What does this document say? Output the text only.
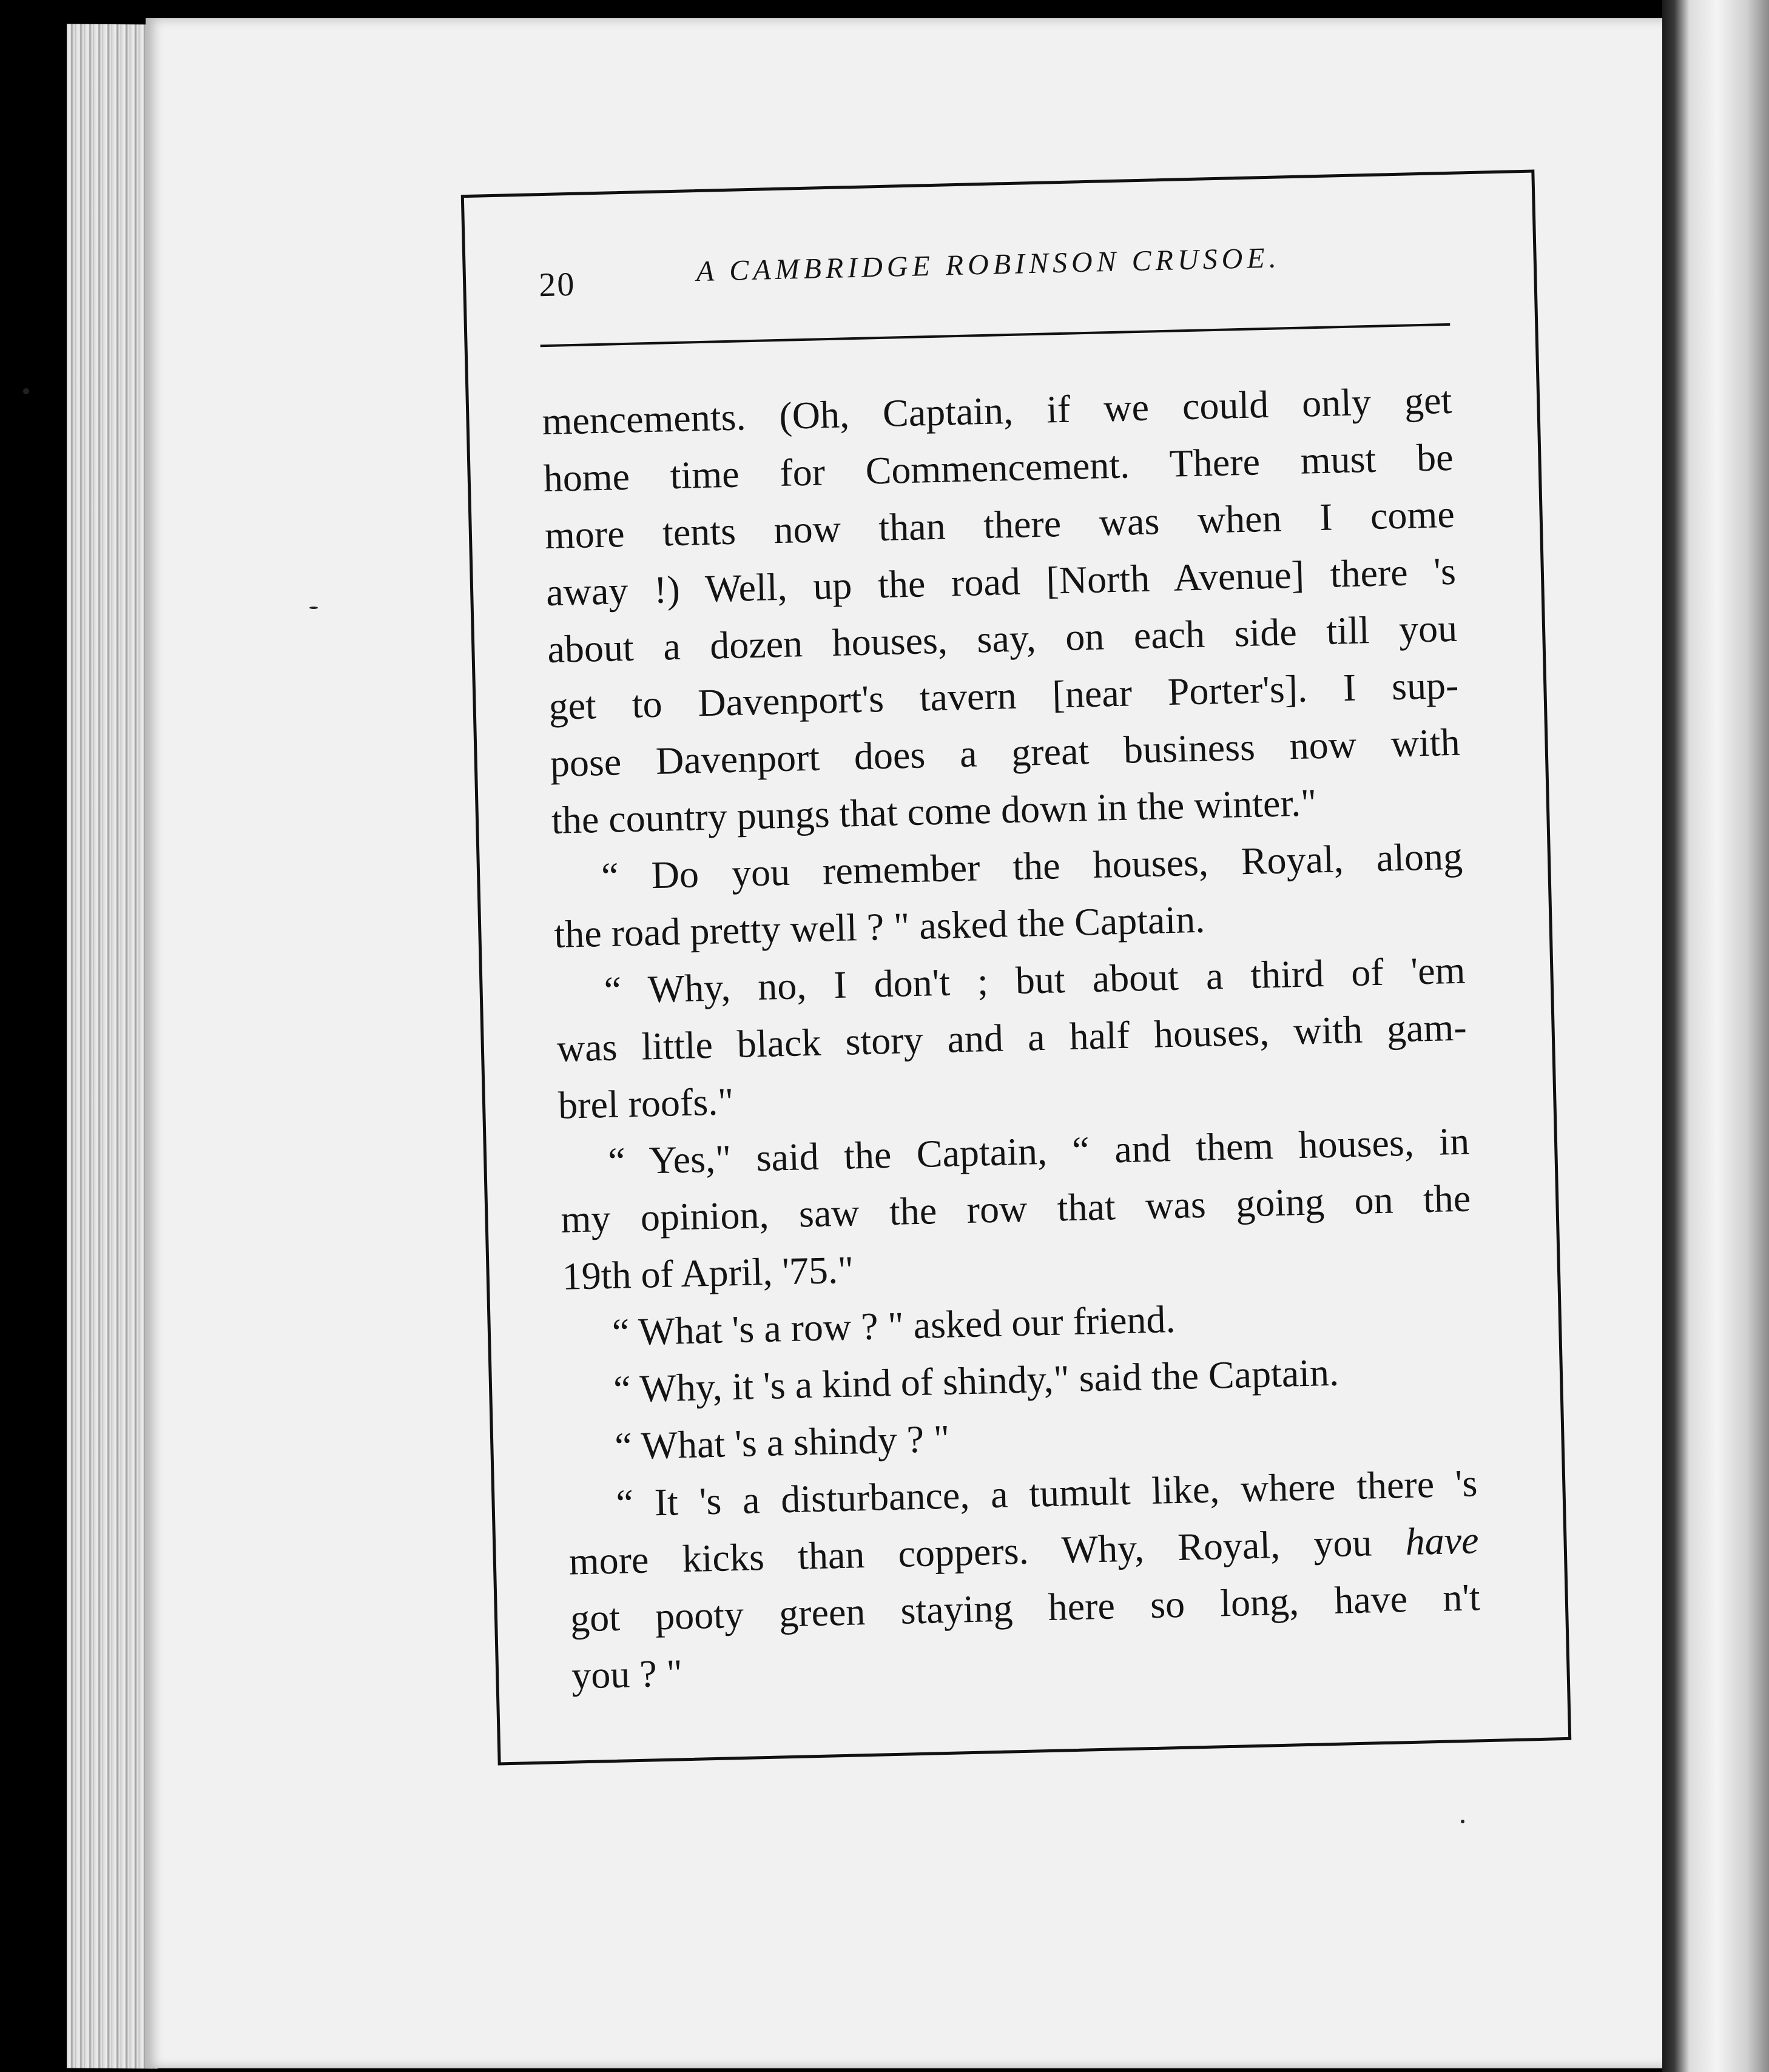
20	A CAMBRIDGE ROBINSON CRUSOE.
mencements. (Oh, Captain, if we could only get
home time for Commencement. There must be
more tents now than there was when I come
away !) Well, up the road [North Avenue] there 's
about a dozen houses, say, on each side till you
get to Davenport's tavern [near Porter's]. I sup-
pose Davenport does a great business now with
the country pungs that come down in the winter."
“ Do you remember the houses, Royal, along
the road pretty well ? " asked the Captain.
“ Why, no, I don't ; but about a third of 'em
was little black story and a half houses, with gam-
brel roofs."
“ Yes," said the Captain, “ and them houses, in
my opinion, saw the row that was going on the
19th of April, '75."
“ What 's a row ? " asked our friend.
“ Why, it 's a kind of shindy," said the Captain.
“ What 's a shindy ? "
“ It 's a disturbance, a tumult like, where there 's
more kicks than coppers. Why, Royal, you have
got pooty green staying here so long, have n't
you ? "
